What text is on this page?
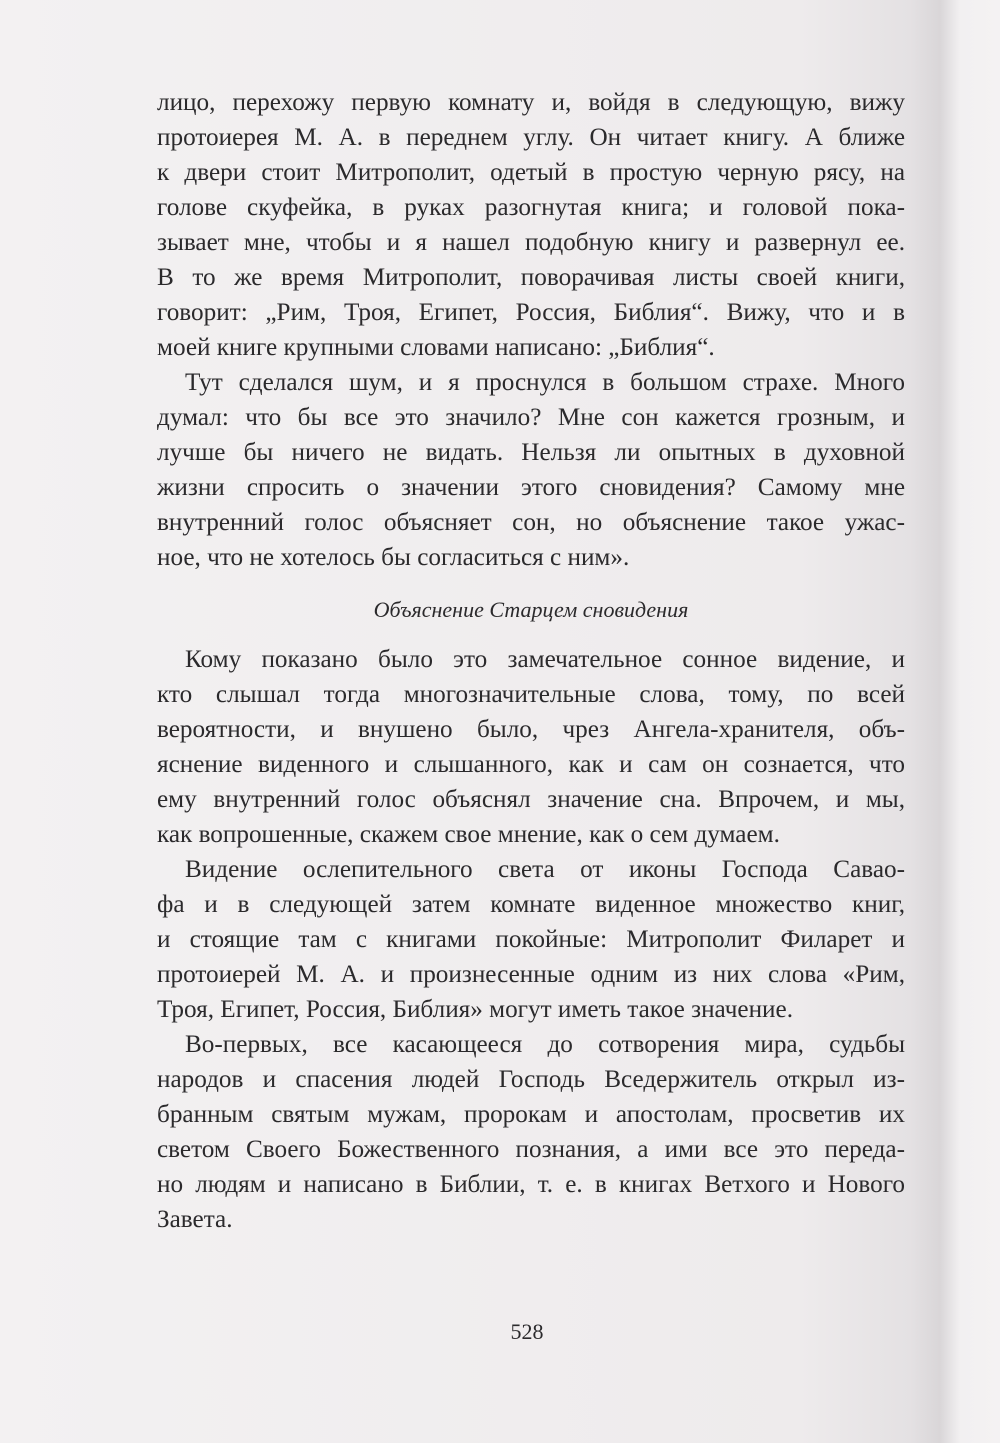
лицо, перехожу первую комнату и, войдя в следующую, вижу
протоиерея М. А. в переднем углу. Он читает книгу. А ближе
к двери стоит Митрополит, одетый в простую черную рясу, на
голове скуфейка, в руках разогнутая книга; и головой пока-
зывает мне, чтобы и я нашел подобную книгу и развернул ее.
В то же время Митрополит, поворачивая листы своей книги,
говорит: „Рим, Троя, Египет, Россия, Библия“. Вижу, что и в
моей книге крупными словами написано: „Библия“.
Тут сделался шум, и я проснулся в большом страхе. Много
думал: что бы все это значило? Мне сон кажется грозным, и
лучше бы ничего не видать. Нельзя ли опытных в духовной
жизни спросить о значении этого сновидения? Самому мне
внутренний голос объясняет сон, но объяснение такое ужас-
ное, что не хотелось бы согласиться с ним».
Объяснение Старцем сновидения
Кому показано было это замечательное сонное видение, и
кто слышал тогда многозначительные слова, тому, по всей
вероятности, и внушено было, чрез Ангела-хранителя, объ-
яснение виденного и слышанного, как и сам он сознается, что
ему внутренний голос объяснял значение сна. Впрочем, и мы,
как вопрошенные, скажем свое мнение, как о сем думаем.
Видение ослепительного света от иконы Господа Савао-
фа и в следующей затем комнате виденное множество книг,
и стоящие там с книгами покойные: Митрополит Филарет и
протоиерей М. А. и произнесенные одним из них слова «Рим,
Троя, Египет, Россия, Библия» могут иметь такое значение.
Во-первых, все касающееся до сотворения мира, судьбы
народов и спасения людей Господь Вседержитель открыл из-
бранным святым мужам, пророкам и апостолам, просветив их
светом Своего Божественного познания, а ими все это переда-
но людям и написано в Библии, т. е. в книгах Ветхого и Нового
Завета.
528
